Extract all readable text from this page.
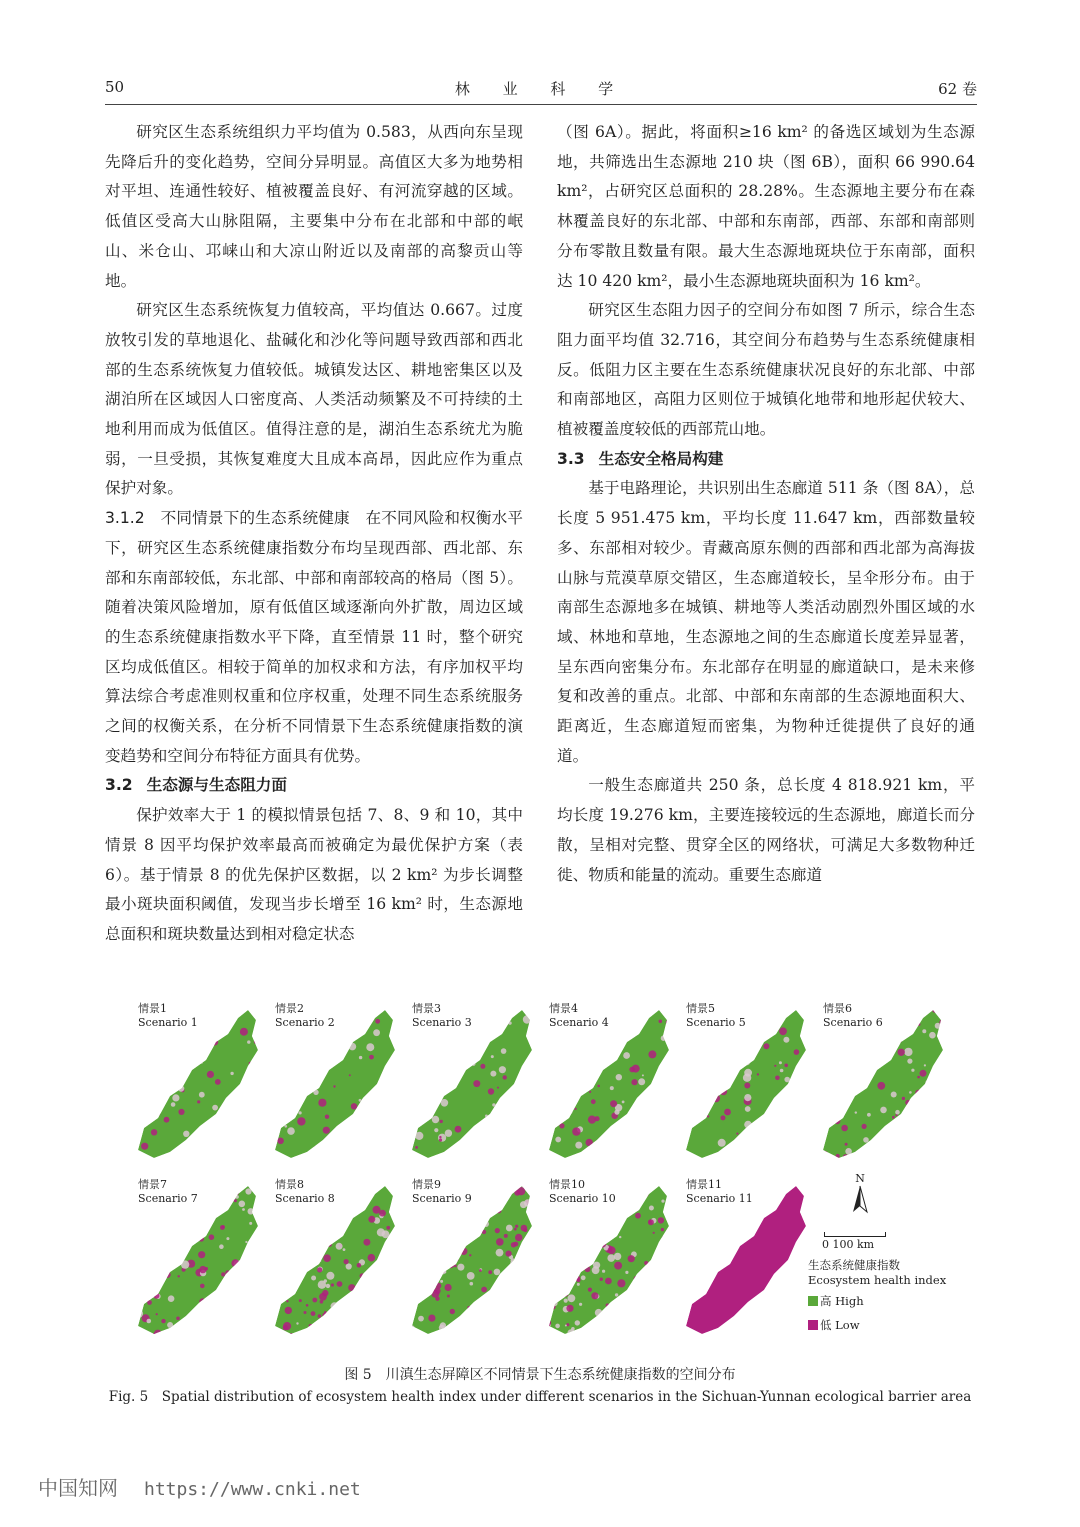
50	林 业 科 学	62 卷

研究区生态系统组织力平均值为 0.583，从西向东呈现先降后升的变化趋势，空间分异明显。高值区大多为地势相对平坦、连通性较好、植被覆盖良好、有河流穿越的区域。低值区受高大山脉阻隔，主要集中分布在北部和中部的岷山、米仓山、邛崃山和大凉山附近以及南部的高黎贡山等地。

研究区生态系统恢复力值较高，平均值达 0.667。过度放牧引发的草地退化、盐碱化和沙化等问题导致西部和西北部的生态系统恢复力值较低。城镇发达区、耕地密集区以及湖泊所在区域因人口密度高、人类活动频繁及不可持续的土地利用而成为低值区。值得注意的是，湖泊生态系统尤为脆弱，一旦受损，其恢复难度大且成本高昂，因此应作为重点保护对象。

3.1.2　不同情景下的生态系统健康　 在不同风险和权衡水平下，研究区生态系统健康指数分布均呈现西部、西北部、东部和东南部较低，东北部、中部和南部较高的格局（图 5）。随着决策风险增加，原有低值区域逐渐向外扩散，周边区域的生态系统健康指数水平下降，直至情景 11 时，整个研究区均成低值区。相较于简单的加权求和方法，有序加权平均算法综合考虑准则权重和位序权重，处理不同生态系统服务之间的权衡关系，在分析不同情景下生态系统健康指数的演变趋势和空间分布特征方面具有优势。

3.2 生态源与生态阻力面

保护效率大于 1 的模拟情景包括 7、8、9 和 10，其中情景 8 因平均保护效率最高而被确定为最优保护方案（表 6）。基于情景 8 的优先保护区数据，以 2 km² 为步长调整最小斑块面积阈值，发现当步长增至 16 km² 时，生态源地总面积和斑块数量达到相对稳定状态

（图 6A）。据此，将面积≥16 km² 的备选区域划为生态源地，共筛选出生态源地 210 块（图 6B），面积 66 990.64 km²，占研究区总面积的 28.28%。生态源地主要分布在森林覆盖良好的东北部、中部和东南部，西部、东部和南部则分布零散且数量有限。最大生态源地斑块位于东南部，面积达 10 420 km²，最小生态源地斑块面积为 16 km²。

研究区生态阻力因子的空间分布如图 7 所示，综合生态阻力面平均值 32.716，其空间分布趋势与生态系统健康相反。低阻力区主要在生态系统健康状况良好的东北部、中部和南部地区，高阻力区则位于城镇化地带和地形起伏较大、植被覆盖度较低的西部荒山地。

3.3 生态安全格局构建

基于电路理论，共识别出生态廊道 511 条（图 8A），总长度 5 951.475 km，平均长度 11.647 km，西部数量较多、东部相对较少。青藏高原东侧的西部和西北部为高海拔山脉与荒漠草原交错区，生态廊道较长，呈伞形分布。由于南部生态源地多在城镇、耕地等人类活动剧烈外围区域的水域、林地和草地，生态源地之间的生态廊道长度差异显著，呈东西向密集分布。东北部存在明显的廊道缺口，是未来修复和改善的重点。北部、中部和东南部的生态源地面积大、距离近，生态廊道短而密集，为物种迁徙提供了良好的通道。

一般生态廊道共 250 条，总长度 4 818.921 km，平均长度 19.276 km，主要连接较远的生态源地，廊道长而分散，呈相对完整、贯穿全区的网络状，可满足大多数物种迁徙、物质和能量的流动。重要生态廊道

情景1
Scenario 1
情景2
Scenario 2
情景3
Scenario 3
情景4
Scenario 4
情景5
Scenario 5
情景6
Scenario 6
情景7
Scenario 7
情景8
Scenario 8
情景9
Scenario 9
情景10
Scenario 10
情景11
Scenario 11
N
0 100 km
生态系统健康指数
Ecosystem health index
高 High
低 Low
图 5　川滇生态屏障区不同情景下生态系统健康指数的空间分布
Fig. 5　Spatial distribution of ecosystem health index under different scenarios in the Sichuan-Yunnan ecological barrier area
中国知网 https://www.cnki.net
